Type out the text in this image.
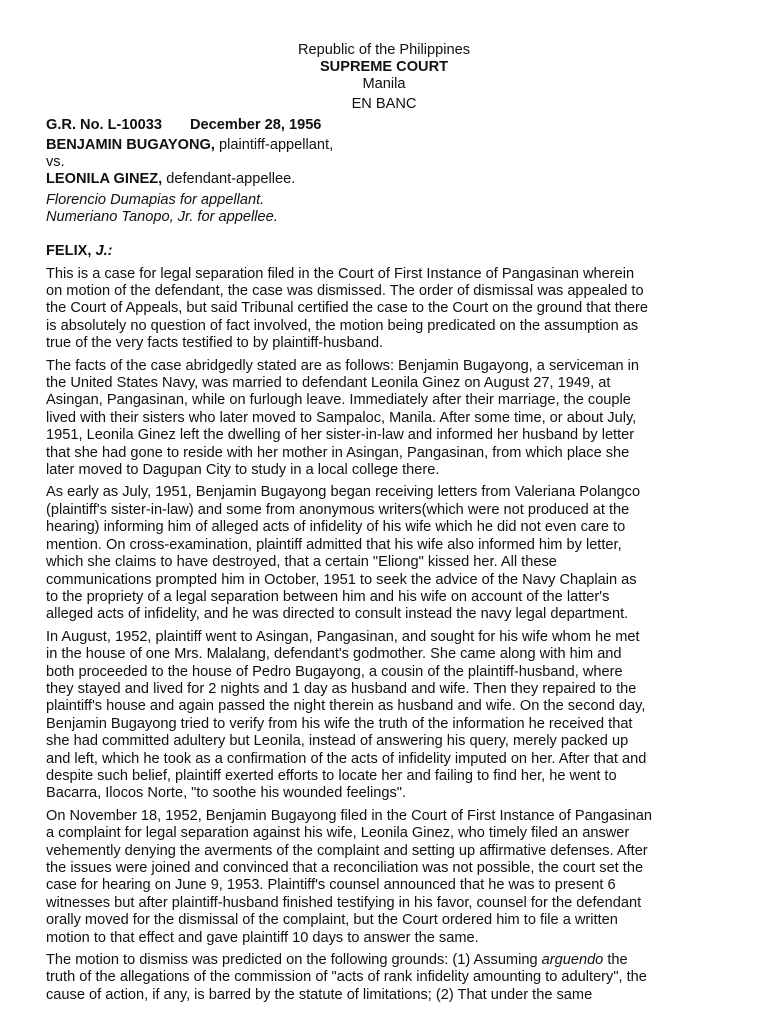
Republic of the Philippines
SUPREME COURT
Manila
EN BANC
G.R. No. L-10033 December 28, 1956
BENJAMIN BUGAYONG, plaintiff-appellant,
vs.
LEONILA GINEZ, defendant-appellee.
Florencio Dumapias for appellant.
Numeriano Tanopo, Jr. for appellee.
FELIX, J.:

This is a case for legal separation filed in the Court of First Instance of Pangasinan wherein
on motion of the defendant, the case was dismissed. The order of dismissal was appealed to
the Court of Appeals, but said Tribunal certified the case to the Court on the ground that there
is absolutely no question of fact involved, the motion being predicated on the assumption as
true of the very facts testified to by plaintiff-husband.

The facts of the case abridgedly stated are as follows: Benjamin Bugayong, a serviceman in
the United States Navy, was married to defendant Leonila Ginez on August 27, 1949, at
Asingan, Pangasinan, while on furlough leave. Immediately after their marriage, the couple
lived with their sisters who later moved to Sampaloc, Manila. After some time, or about July,
1951, Leonila Ginez left the dwelling of her sister-in-law and informed her husband by letter
that she had gone to reside with her mother in Asingan, Pangasinan, from which place she
later moved to Dagupan City to study in a local college there.

As early as July, 1951, Benjamin Bugayong began receiving letters from Valeriana Polangco
(plaintiff's sister-in-law) and some from anonymous writers(which were not produced at the
hearing) informing him of alleged acts of infidelity of his wife which he did not even care to
mention. On cross-examination, plaintiff admitted that his wife also informed him by letter,
which she claims to have destroyed, that a certain "Eliong" kissed her. All these
communications prompted him in October, 1951 to seek the advice of the Navy Chaplain as
to the propriety of a legal separation between him and his wife on account of the latter's
alleged acts of infidelity, and he was directed to consult instead the navy legal department.

In August, 1952, plaintiff went to Asingan, Pangasinan, and sought for his wife whom he met
in the house of one Mrs. Malalang, defendant's godmother. She came along with him and
both proceeded to the house of Pedro Bugayong, a cousin of the plaintiff-husband, where
they stayed and lived for 2 nights and 1 day as husband and wife. Then they repaired to the
plaintiff's house and again passed the night therein as husband and wife. On the second day,
Benjamin Bugayong tried to verify from his wife the truth of the information he received that
she had committed adultery but Leonila, instead of answering his query, merely packed up
and left, which he took as a confirmation of the acts of infidelity imputed on her. After that and
despite such belief, plaintiff exerted efforts to locate her and failing to find her, he went to
Bacarra, Ilocos Norte, "to soothe his wounded feelings".

On November 18, 1952, Benjamin Bugayong filed in the Court of First Instance of Pangasinan
a complaint for legal separation against his wife, Leonila Ginez, who timely filed an answer
vehemently denying the averments of the complaint and setting up affirmative defenses. After
the issues were joined and convinced that a reconciliation was not possible, the court set the
case for hearing on June 9, 1953. Plaintiff's counsel announced that he was to present 6
witnesses but after plaintiff-husband finished testifying in his favor, counsel for the defendant
orally moved for the dismissal of the complaint, but the Court ordered him to file a written
motion to that effect and gave plaintiff 10 days to answer the same.

The motion to dismiss was predicted on the following grounds: (1) Assuming arguendo the
truth of the allegations of the commission of "acts of rank infidelity amounting to adultery", the
cause of action, if any, is barred by the statute of limitations; (2) That under the same
